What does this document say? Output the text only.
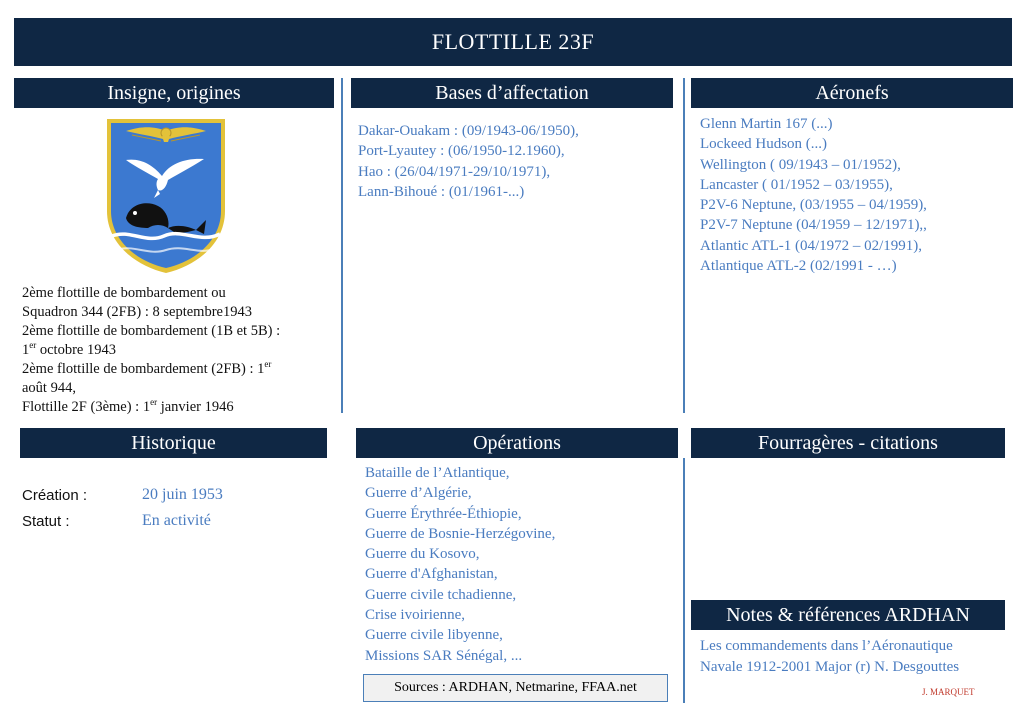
FLOTTILLE 23F
Insigne, origines	Bases d’affectation	Aéronefs
Historique	Opérations	Fourragères - citations
Notes & références ARDHAN

2ème flottille de bombardement ou

Squadron 344 (2FB) : 8 septembre1943

2ème flottille de bombardement (1B et 5B) :

1er octobre 1943

2ème flottille de bombardement (2FB) : 1er

août 944,

Flottille 2F (3ème) : 1er janvier 1946

Dakar-Ouakam : (09/1943-06/1950),
Port-Lyautey : (06/1950-12.1960),
Hao : (26/04/1971-29/10/1971),
Lann-Bihoué : (01/1961-...)
Glenn Martin 167 (...)
Lockeed Hudson (...)
Wellington ( 09/1943 – 01/1952),
Lancaster ( 01/1952 – 03/1955),
P2V-6 Neptune, (03/1955 – 04/1959),
P2V-7 Neptune (04/1959 – 12/1971),,
Atlantic ATL-1 (04/1972 – 02/1991),
Atlantique ATL-2 (02/1991 - …)
Création :	20 juin 1953
Statut :	En activité
Bataille de l’Atlantique,
Guerre d’Algérie,
Guerre Érythrée-Éthiopie,
Guerre de Bosnie-Herzégovine,
Guerre du Kosovo,
Guerre d'Afghanistan,
Guerre civile tchadienne,
Crise ivoirienne,
Guerre civile libyenne,
Missions SAR Sénégal, ...

Les commandements dans l’Aéronautique

Navale 1912-2001 Major (r) N. Desgouttes

Sources : ARDHAN, Netmarine, FFAA.net	J. MARQUET
